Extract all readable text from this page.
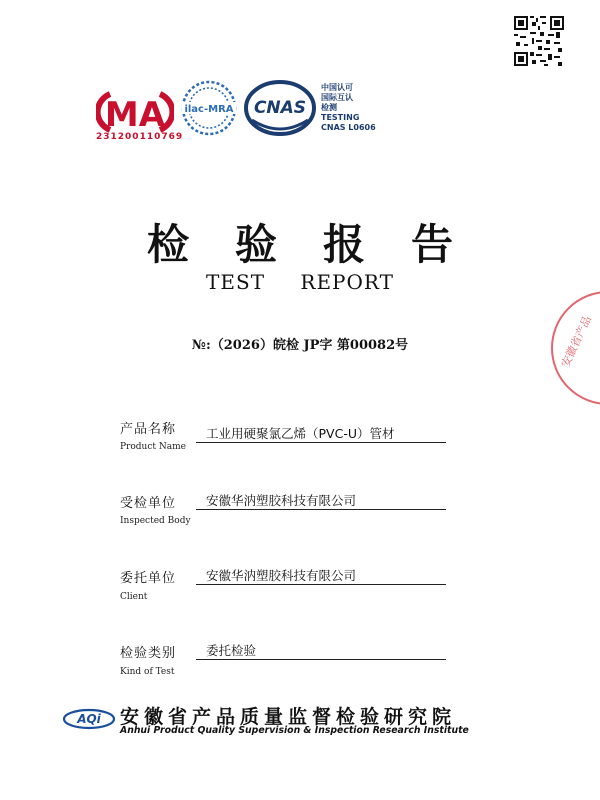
MA
231200110769
ilac-MRA CNAS
中国认可
国际互认
检测
TESTING
CNAS L0606
检验报告
TEST REPORT
№:（2026）皖检 JP字 第00082号
产品名称
Product Name
工业用硬聚氯乙烯（PVC-U）管材
受检单位
Inspected Body
安徽华汭塑胶科技有限公司
委托单位
Client
安徽华汭塑胶科技有限公司
检验类别
Kind of Test
委托检验
AQi 安徽省产品质量监督检验研究院
Anhui Product Quality Supervision & Inspection Research Institute
安徽省产品
